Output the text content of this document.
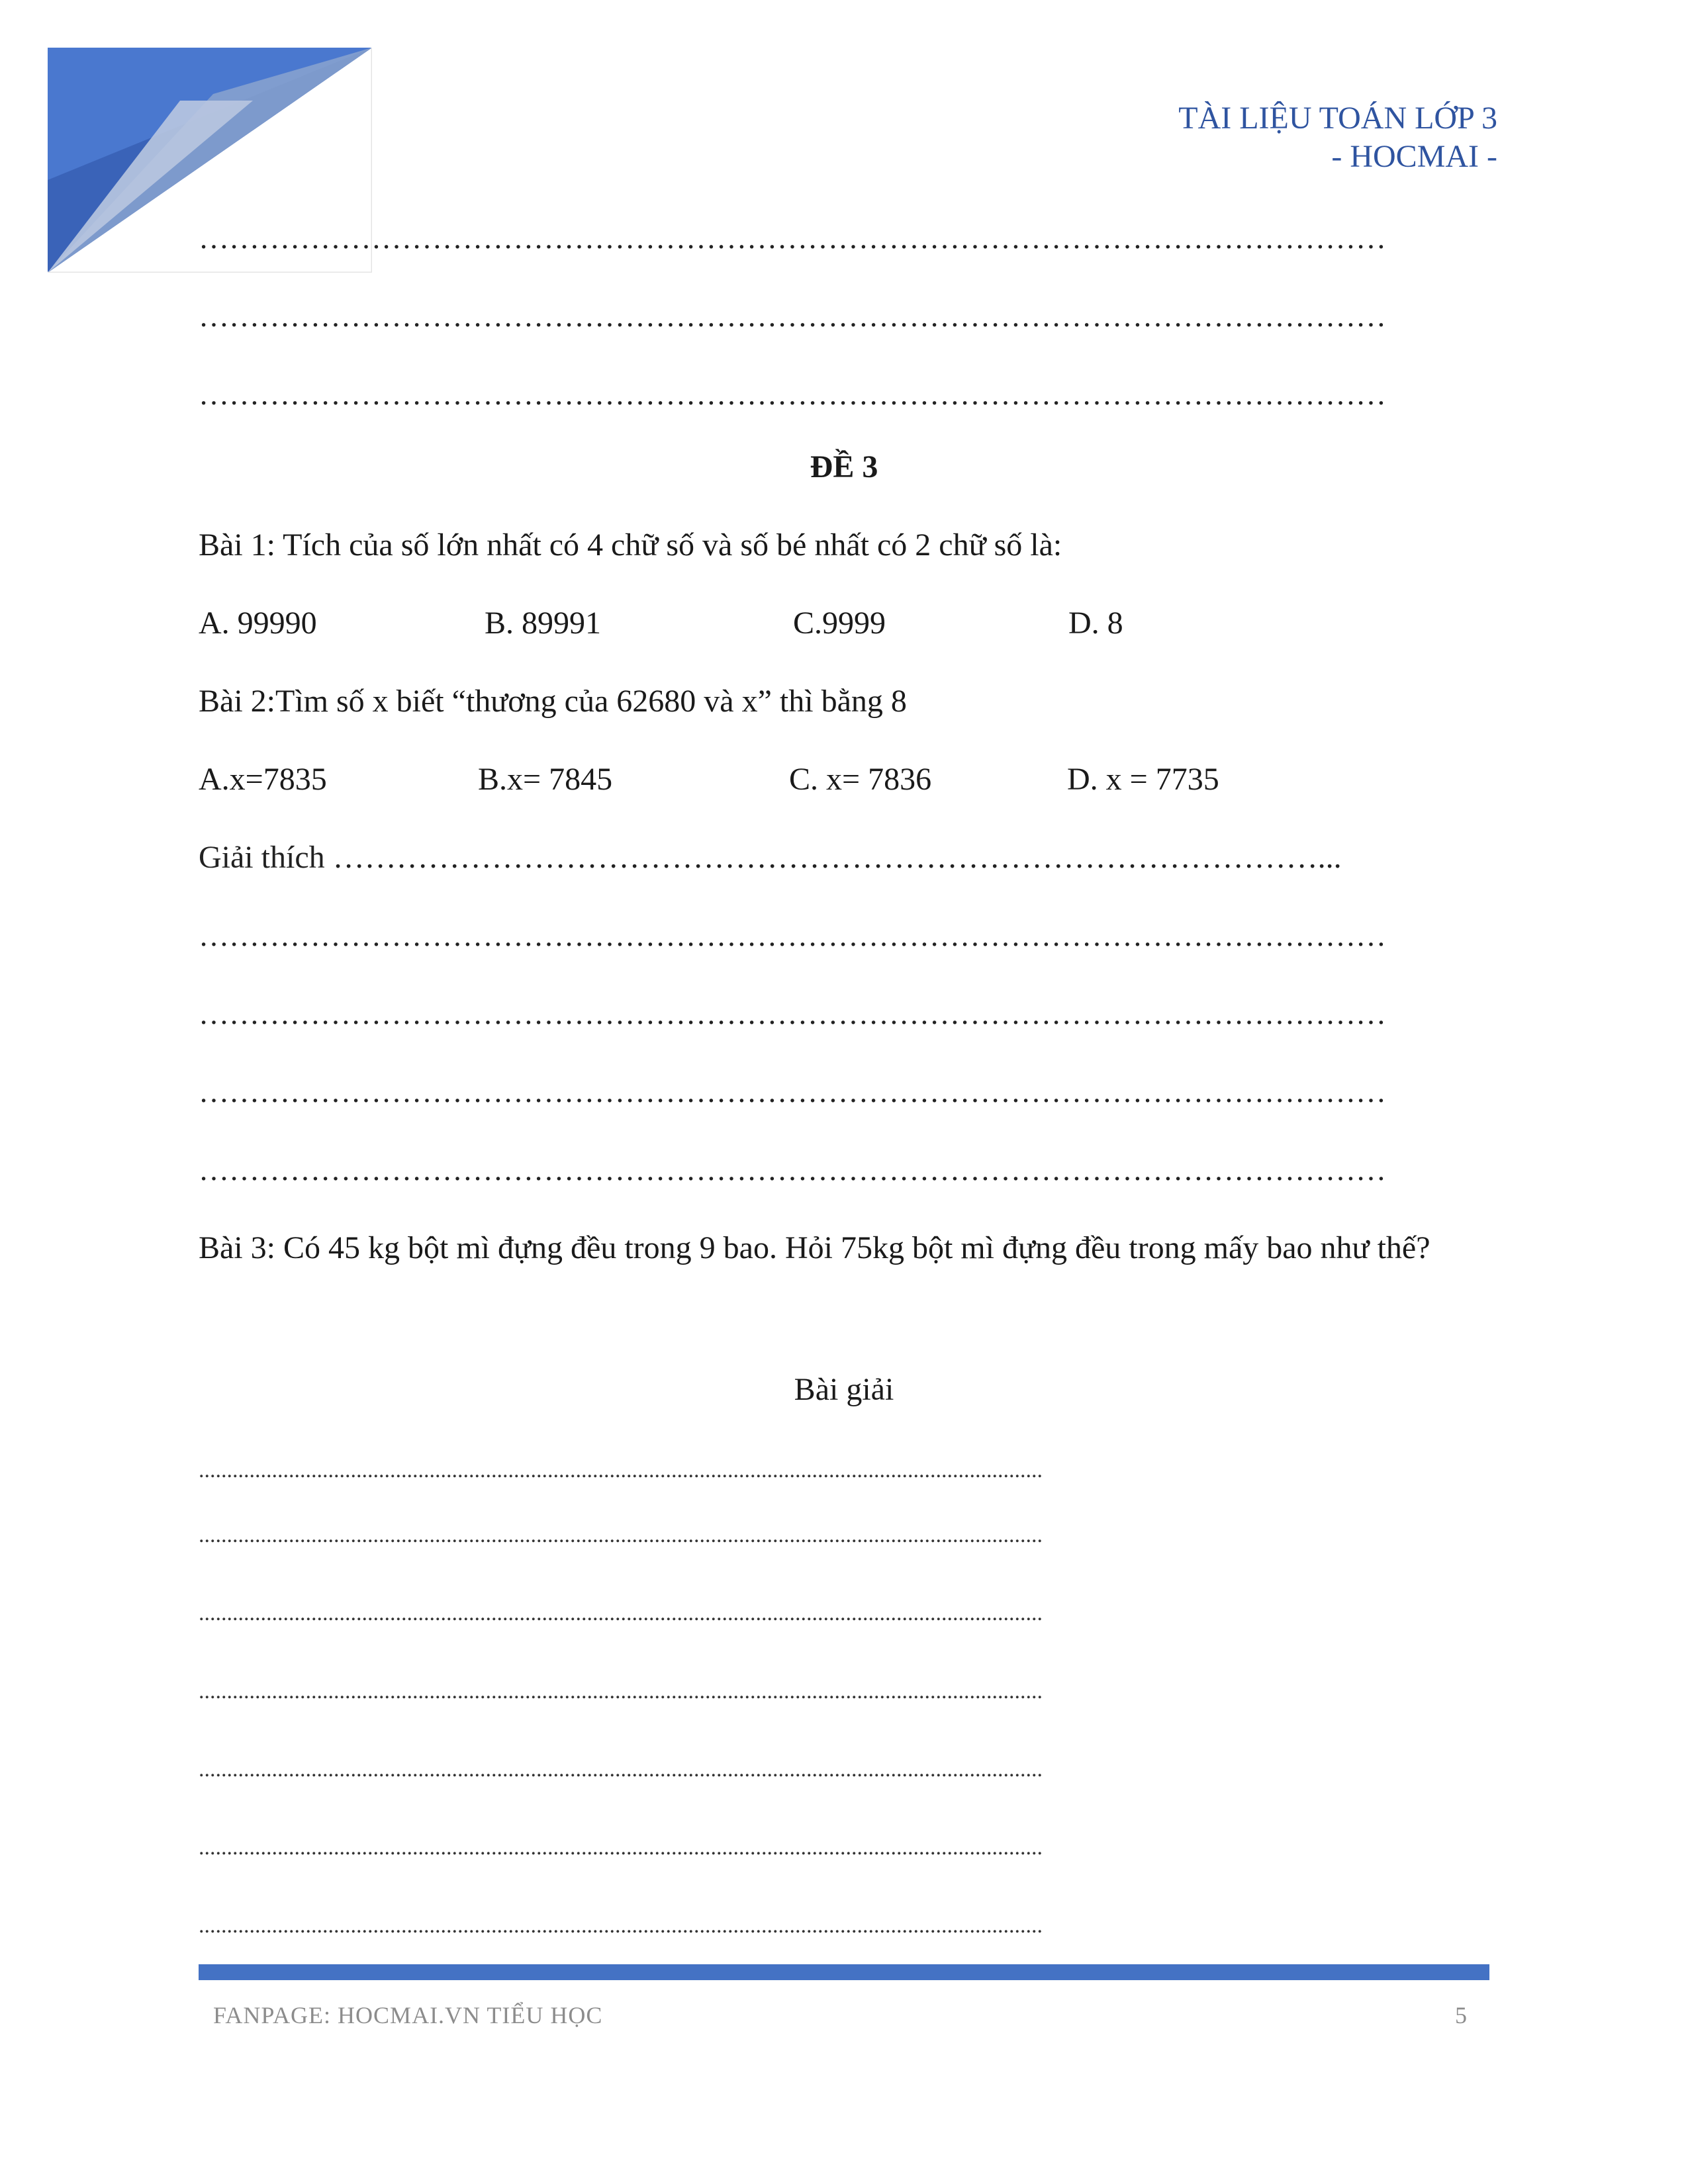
TÀI LIỆU TOÁN LỚP 3
- HOCMAI -
………………………………………………………………………………………………………
………………………………………………………………………………………………………
………………………………………………………………………………………………………
ĐỀ 3
Bài 1: Tích của số lớn nhất có 4 chữ số và số bé nhất có 2 chữ số là:
A. 99990	B. 89991	C.9999	D. 8
Bài 2:Tìm số x biết “thương của 62680 và x” thì bằng 8
A.x=7835	B.x= 7845	C. x= 7836	D. x = 7735
Giải thích …………………………………………………………………………………...
………………………………………………………………………………………………………
………………………………………………………………………………………………………
………………………………………………………………………………………………………
………………………………………………………………………………………………………
Bài 3: Có 45 kg bột mì đựng đều trong 9 bao. Hỏi 75kg bột mì đựng đều trong mấy bao như thế?
Bài giải
......................................................................................................................................................
......................................................................................................................................................
......................................................................................................................................................
......................................................................................................................................................
......................................................................................................................................................
......................................................................................................................................................
......................................................................................................................................................
FANPAGE: HOCMAI.VN TIỂU HỌC	5
